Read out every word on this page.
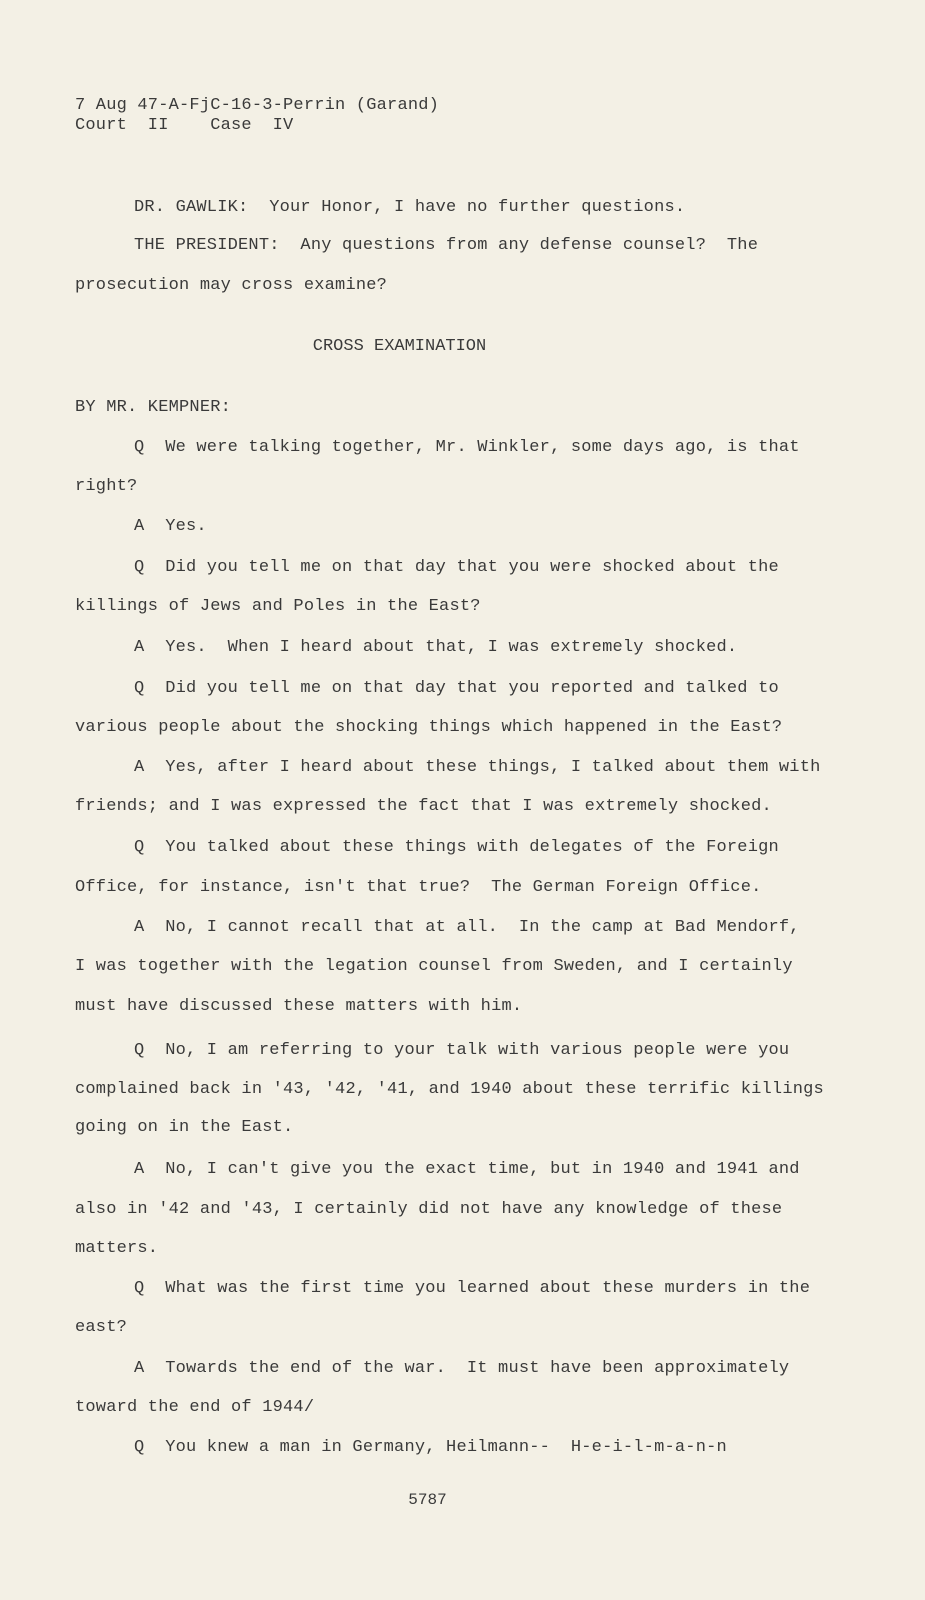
7 Aug 47-A-FjC-16-3-Perrin (Garand)
Court  II    Case  IV
DR. GAWLIK:  Your Honor, I have no further questions.
THE PRESIDENT:  Any questions from any defense counsel?  The
prosecution may cross examine?
CROSS EXAMINATION
BY MR. KEMPNER:
Q  We were talking together, Mr. Winkler, some days ago, is that
right?
A  Yes.
Q  Did you tell me on that day that you were shocked about the
killings of Jews and Poles in the East?
A  Yes.  When I heard about that, I was extremely shocked.
Q  Did you tell me on that day that you reported and talked to
various people about the shocking things which happened in the East?
A  Yes, after I heard about these things, I talked about them with
friends; and I was expressed the fact that I was extremely shocked.
Q  You talked about these things with delegates of the Foreign
Office, for instance, isn't that true?  The German Foreign Office.
A  No, I cannot recall that at all.  In the camp at Bad Mendorf,
I was together with the legation counsel from Sweden, and I certainly
must have discussed these matters with him.
Q  No, I am referring to your talk with various people were you
complained back in '43, '42, '41, and 1940 about these terrific killings
going on in the East.
A  No, I can't give you the exact time, but in 1940 and 1941 and
also in '42 and '43, I certainly did not have any knowledge of these
matters.
Q  What was the first time you learned about these murders in the
east?
A  Towards the end of the war.  It must have been approximately
toward the end of 1944/
Q  You knew a man in Germany, Heilmann--  H-e-i-l-m-a-n-n
5787
